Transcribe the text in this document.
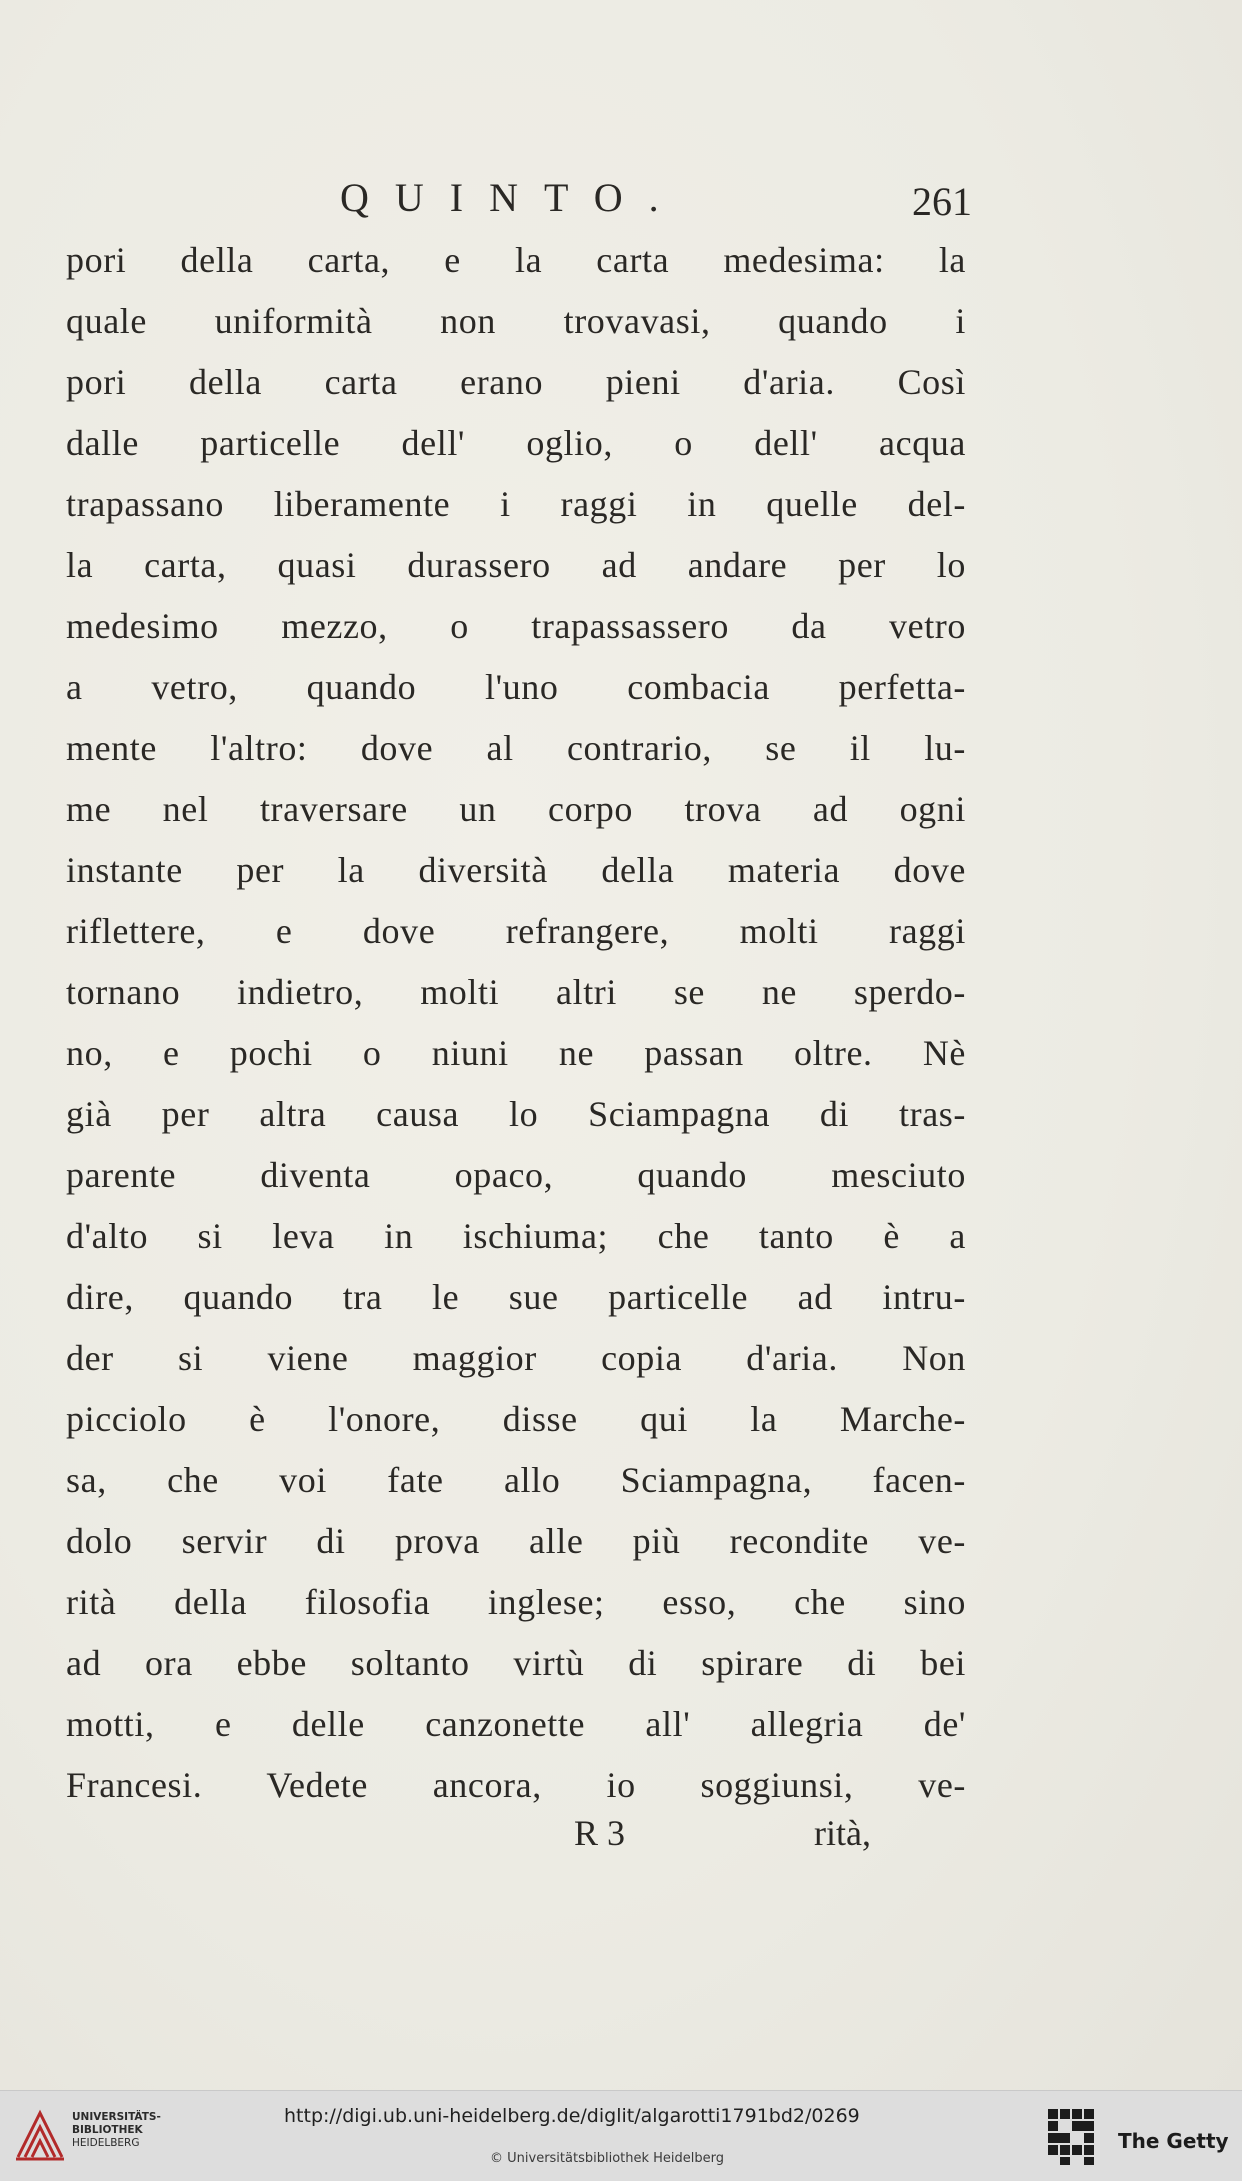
QUINTO.	261
pori della carta, e la carta medesima: la
quale uniformità non trovavasi, quando i
pori della carta erano pieni d'aria. Così
dalle particelle dell' oglio, o dell' acqua
trapassano liberamente i raggi in quelle del-
la carta, quasi durassero ad andare per lo
medesimo mezzo, o trapassassero da vetro
a vetro, quando l'uno combacia perfetta-
mente l'altro: dove al contrario, se il lu-
me nel traversare un corpo trova ad ogni
instante per la diversità della materia dove
riflettere, e dove refrangere, molti raggi
tornano indietro, molti altri se ne sperdo-
no, e pochi o niuni ne passan oltre. Nè
già per altra causa lo Sciampagna di tras-
parente diventa opaco, quando mesciuto
d'alto si leva in ischiuma; che tanto è a
dire, quando tra le sue particelle ad intru-
der si viene maggior copia d'aria. Non
picciolo è l'onore, disse qui la Marche-
sa, che voi fate allo Sciampagna, facen-
dolo servir di prova alle più recondite ve-
rità della filosofia inglese; esso, che sino
ad ora ebbe soltanto virtù di spirare di bei
motti, e delle canzonette all' allegria de'
Francesi. Vedete ancora, io soggiunsi, ve-
R 3	rità,
UNIVERSITÄTS-
BIBLIOTHEK
HEIDELBERG
http://digi.ub.uni-heidelberg.de/diglit/algarotti1791bd2/0269
© Universitätsbibliothek Heidelberg
The Getty
